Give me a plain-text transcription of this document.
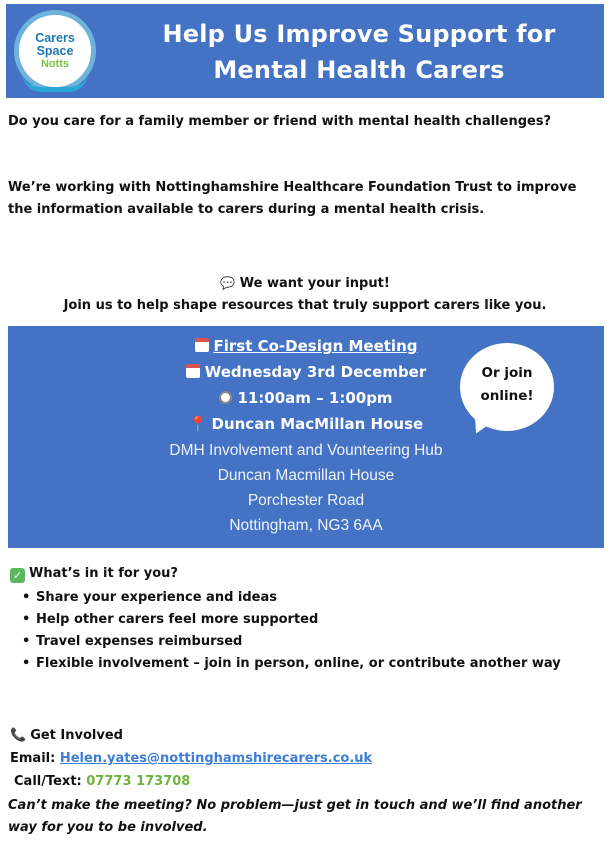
Carers
Space
Notts
Help Us Improve Support for Mental Health Carers
Do you care for a family member or friend with mental health challenges?
We’re working with Nottinghamshire Healthcare Foundation Trust to improve the information available to carers during a mental health crisis.
💬 We want your input!
Join us to help shape resources that truly support carers like you.
First Co-Design Meeting
Wednesday 3rd December
11:00am – 1:00pm
📍 Duncan MacMillan House
DMH Involvement and Vounteering Hub
Duncan Macmillan House
Porchester Road
Nottingham, NG3 6AA
Or join online!
✓ What’s in it for you?
• Share your experience and ideas
• Help other carers feel more supported
• Travel expenses reimbursed
• Flexible involvement – join in person, online, or contribute another way
📞 Get Involved
Email: Helen.yates@nottinghamshirecarers.co.uk
Call/Text: 07773 173708
Can’t make the meeting? No problem—just get in touch and we’ll find another way for you to be involved.
